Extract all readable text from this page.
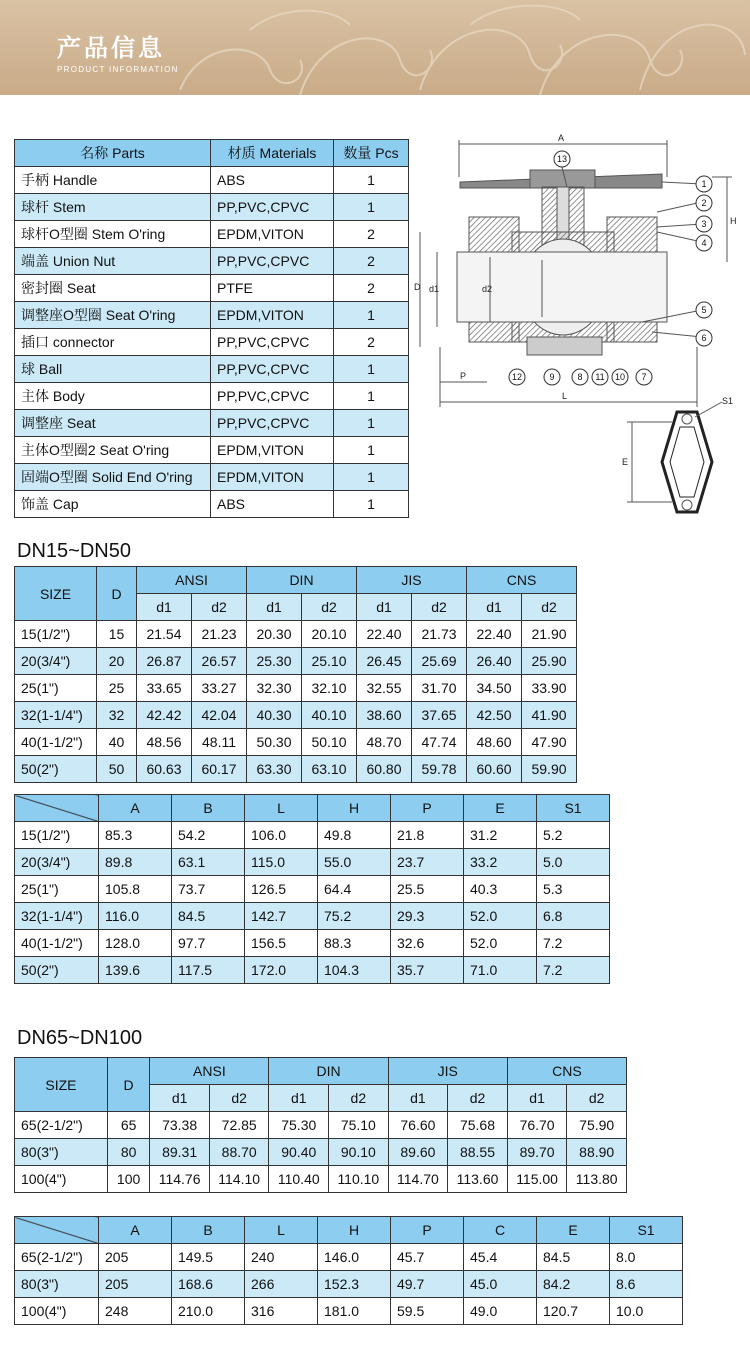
产品信息
PRODUCT INFORMATION
名称 Parts	材质 Materials	数量 Pcs
手柄 Handle	ABS	1
球杆 Stem	PP,PVC,CPVC	1
球杆O型圈 Stem O'ring	EPDM,VITON	2
端盖 Union Nut	PP,PVC,CPVC	2
密封圈 Seat	PTFE	2
调整座O型圈 Seat O'ring	EPDM,VITON	1
插口 connector	PP,PVC,CPVC	2
球 Ball	PP,PVC,CPVC	1
主体 Body	PP,PVC,CPVC	1
调整座 Seat	PP,PVC,CPVC	1
主体O型圈2 Seat O'ring	EPDM,VITON	1
固端O型圈 Solid End O'ring	EPDM,VITON	1
饰盖 Cap	ABS	1
13
1
2
3
4
5
6
12	9	8 11 10 7
A
H
D d1	d2
P
L
E
S1
DN15~DN50
SIZE	D	ANSI		DIN		JIS		CNS	
		d1	d2	d1	d2	d1	d2	d1	d2
15(1/2")	15	21.54	21.23	20.30	20.10	22.40	21.73	22.40	21.90
20(3/4")	20	26.87	26.57	25.30	25.10	26.45	25.69	26.40	25.90
25(1")	25	33.65	33.27	32.30	32.10	32.55	31.70	34.50	33.90
32(1-1/4")	32	42.42	42.04	40.30	40.10	38.60	37.65	42.50	41.90
40(1-1/2")	40	48.56	48.11	50.30	50.10	48.70	47.74	48.60	47.90
50(2")	50	60.63	60.17	63.30	63.10	60.80	59.78	60.60	59.90
	A	B	L	H	P	E	S1
15(1/2")	85.3	54.2	106.0	49.8	21.8	31.2	5.2
20(3/4")	89.8	63.1	115.0	55.0	23.7	33.2	5.0
25(1")	105.8	73.7	126.5	64.4	25.5	40.3	5.3
32(1-1/4")	116.0	84.5	142.7	75.2	29.3	52.0	6.8
40(1-1/2")	128.0	97.7	156.5	88.3	32.6	52.0	7.2
50(2")	139.6	117.5	172.0	104.3	35.7	71.0	7.2
DN65~DN100
SIZE	D	ANSI		DIN		JIS		CNS	
		d1	d2	d1	d2	d1	d2	d1	d2
65(2-1/2")	65	73.38	72.85	75.30	75.10	76.60	75.68	76.70	75.90
80(3")	80	89.31	88.70	90.40	90.10	89.60	88.55	89.70	88.90
100(4")	100	114.76	114.10	110.40	110.10	114.70	113.60	115.00	113.80
	A	B	L	H	P	C	E	S1
65(2-1/2")	205	149.5	240	146.0	45.7	45.4	84.5	8.0
80(3")	205	168.6	266	152.3	49.7	45.0	84.2	8.6
100(4")	248	210.0	316	181.0	59.5	49.0	120.7	10.0
